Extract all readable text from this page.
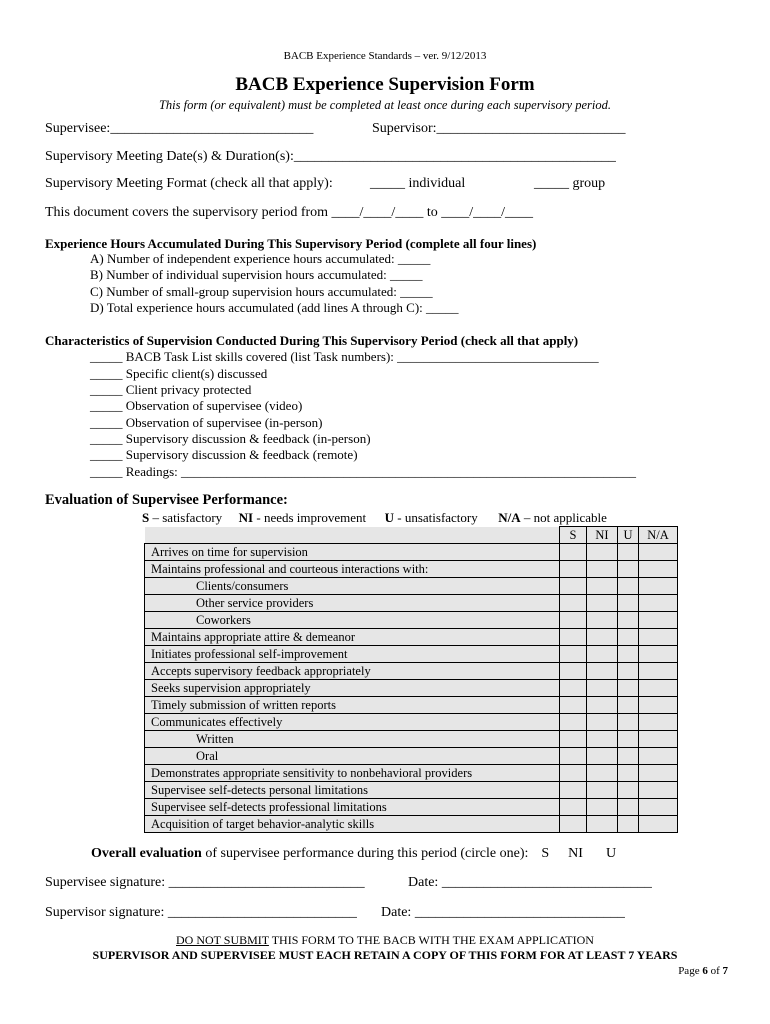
BACB Experience Standards – ver. 9/12/2013
BACB Experience Supervision Form
This form (or equivalent) must be completed at least once during each supervisory period.
Supervisee:_____________________________	Supervisor:___________________________
Supervisory Meeting Date(s) & Duration(s):______________________________________________
Supervisory Meeting Format (check all that apply):	_____ individual	_____ group
This document covers the supervisory period from ____/____/____ to ____/____/____
Experience Hours Accumulated During This Supervisory Period (complete all four lines)
A) Number of independent experience hours accumulated: _____
B) Number of individual supervision hours accumulated: _____
C) Number of small-group supervision hours accumulated: _____
D) Total experience hours accumulated (add lines A through C): _____
Characteristics of Supervision Conducted During This Supervisory Period (check all that apply)
_____ BACB Task List skills covered (list Task numbers): _______________________________
_____ Specific client(s) discussed
_____ Client privacy protected
_____ Observation of supervisee (video)
_____ Observation of supervisee (in-person)
_____ Supervisory discussion & feedback (in-person)
_____ Supervisory discussion & feedback (remote)
_____ Readings: ______________________________________________________________________
Evaluation of Supervisee Performance:
S – satisfactory NI - needs improvement U - unsatisfactory N/A – not applicable
	S	NI	U	N/A
Arrives on time for supervision				
Maintains professional and courteous interactions with:				
Clients/consumers				
Other service providers				
Coworkers				
Maintains appropriate attire & demeanor				
Initiates professional self-improvement				
Accepts supervisory feedback appropriately				
Seeks supervision appropriately				
Timely submission of written reports				
Communicates effectively				
Written				
Oral				
Demonstrates appropriate sensitivity to nonbehavioral providers				
Supervisee self-detects personal limitations				
Supervisee self-detects professional limitations				
Acquisition of target behavior-analytic skills				
Overall evaluation of supervisee performance during this period (circle one): S NI U
Supervisee signature: ____________________________	Date: ______________________________
Supervisor signature: ___________________________ Date: ______________________________
DO NOT SUBMIT THIS FORM TO THE BACB WITH THE EXAM APPLICATION
SUPERVISOR AND SUPERVISEE MUST EACH RETAIN A COPY OF THIS FORM FOR AT LEAST 7 YEARS
Page 6 of 7
